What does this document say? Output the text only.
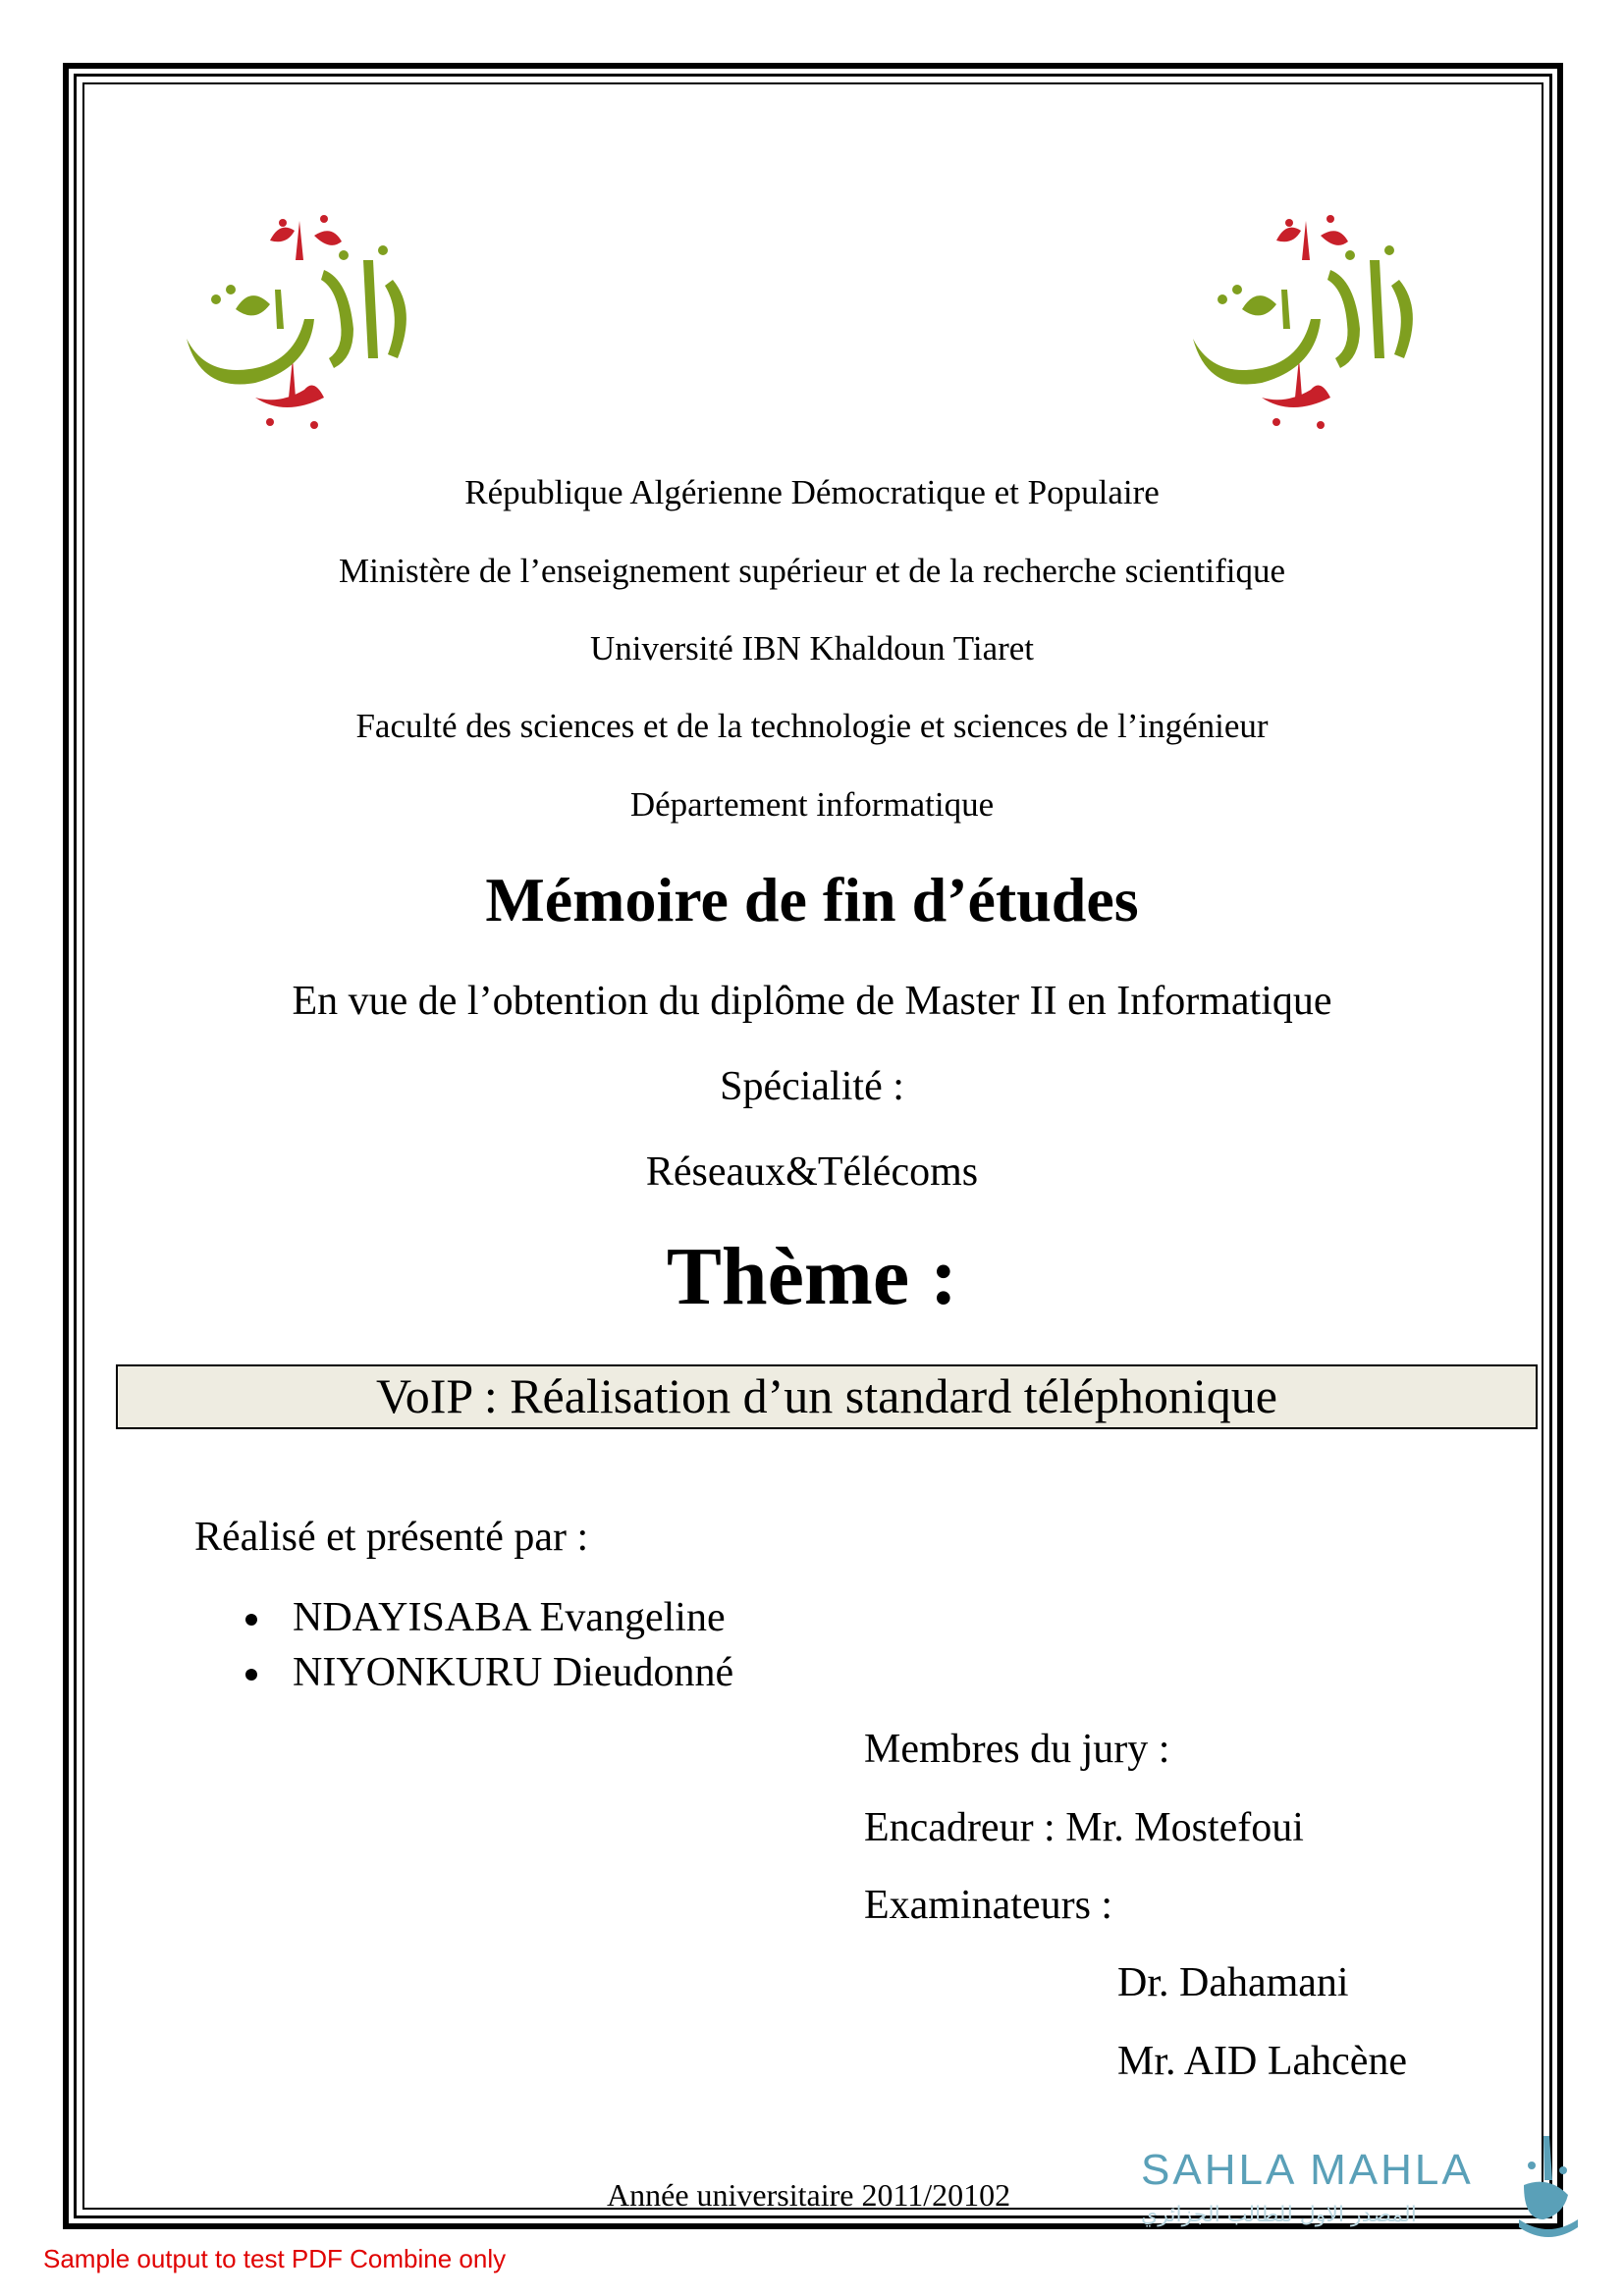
République Algérienne Démocratique et Populaire
Ministère de l’enseignement supérieur et de la recherche scientifique
Université IBN Khaldoun Tiaret
Faculté des sciences et de la technologie et sciences de l’ingénieur
Département informatique
Mémoire de fin d’études
En vue de l’obtention du diplôme de Master II en Informatique
Spécialité :
Réseaux&Télécoms
Thème :
VoIP : Réalisation d’un standard téléphonique
Réalisé et présenté par :
NDAYISABA Evangeline
NIYONKURU Dieudonné
Membres du jury :
Encadreur : Mr. Mostefoui
Examinateurs :
Dr. Dahamani
Mr. AID Lahcène
Année universitaire 2011/20102
SAHLA MAHLA
المصدر الاول للطالب الجزائري
Sample output to test PDF Combine only
